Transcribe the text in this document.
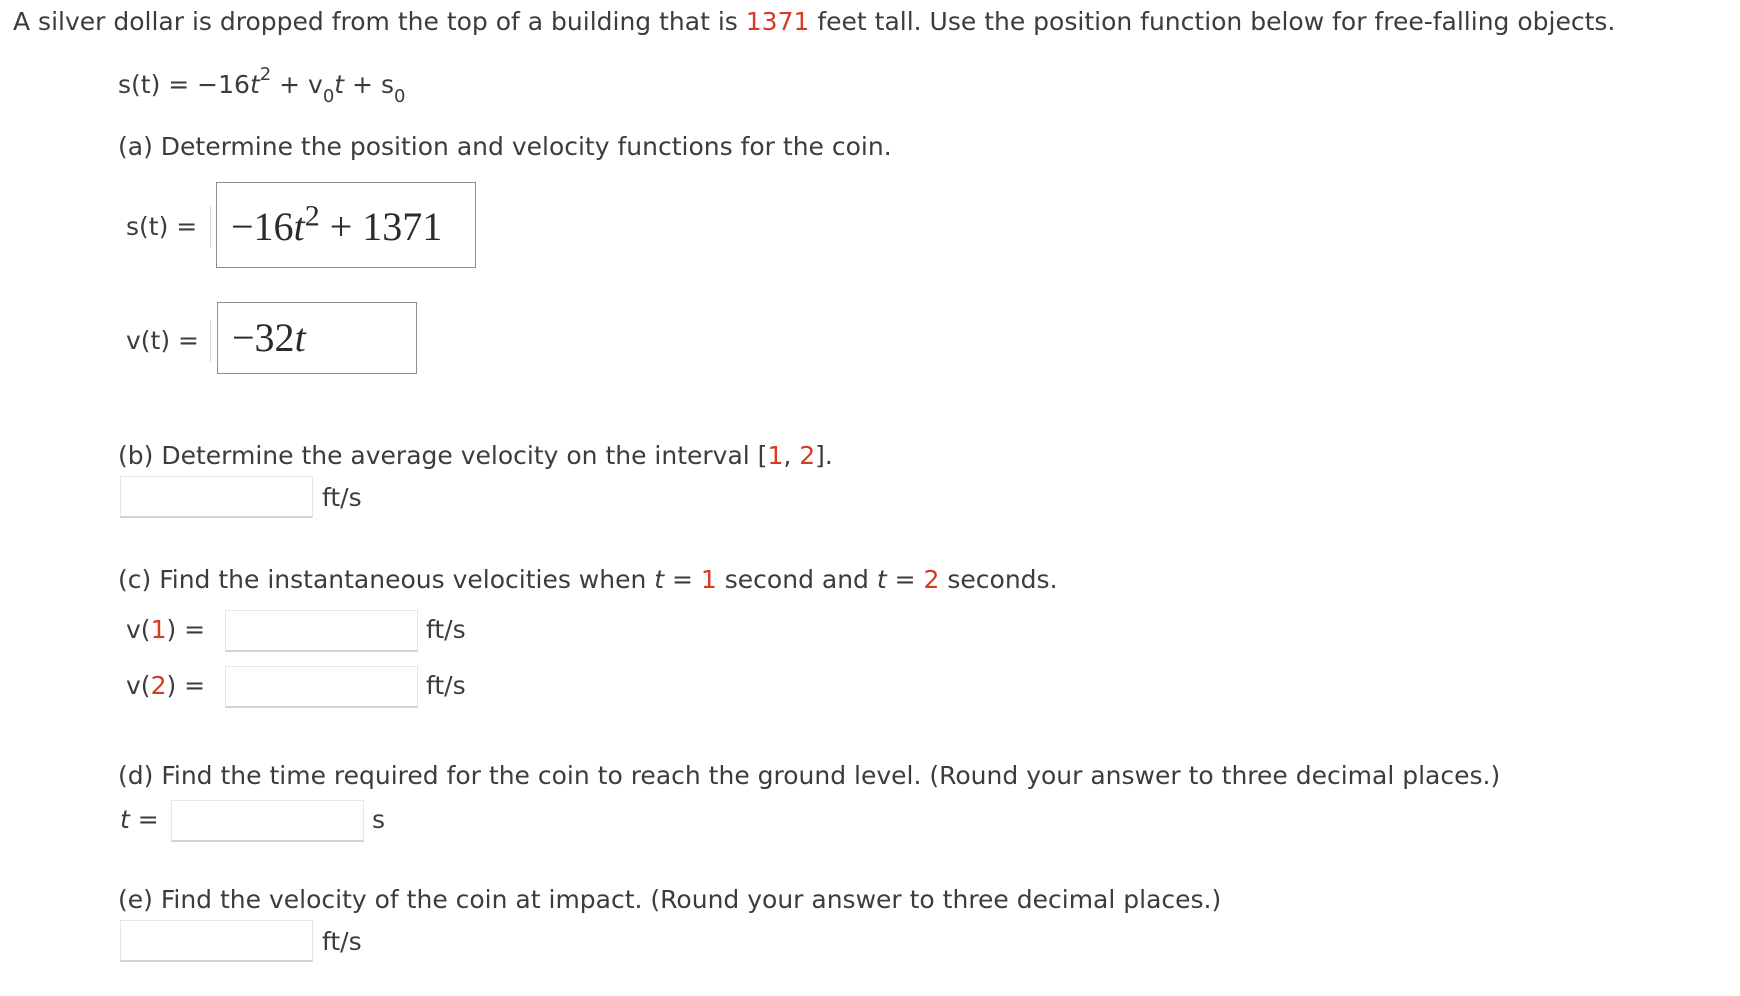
A silver dollar is dropped from the top of a building that is 1371 feet tall. Use the position function below for free-falling objects.
$s(t) = -16t^2 + v_0t + s_0$
(a) Determine the position and velocity functions for the coin.
$s(t) = -16t^2 + 1371$
v(t) = −32t
(b) Determine the average velocity on the interval [1, 2].
ft/s
(c) Find the instantaneous velocities when t = 1 second and t = 2 seconds.
v(1) =	ft/s
v(2) =	ft/s
(d) Find the time required for the coin to reach the ground level. (Round your answer to three decimal places.)
t =	s
(e) Find the velocity of the coin at impact. (Round your answer to three decimal places.)
ft/s
